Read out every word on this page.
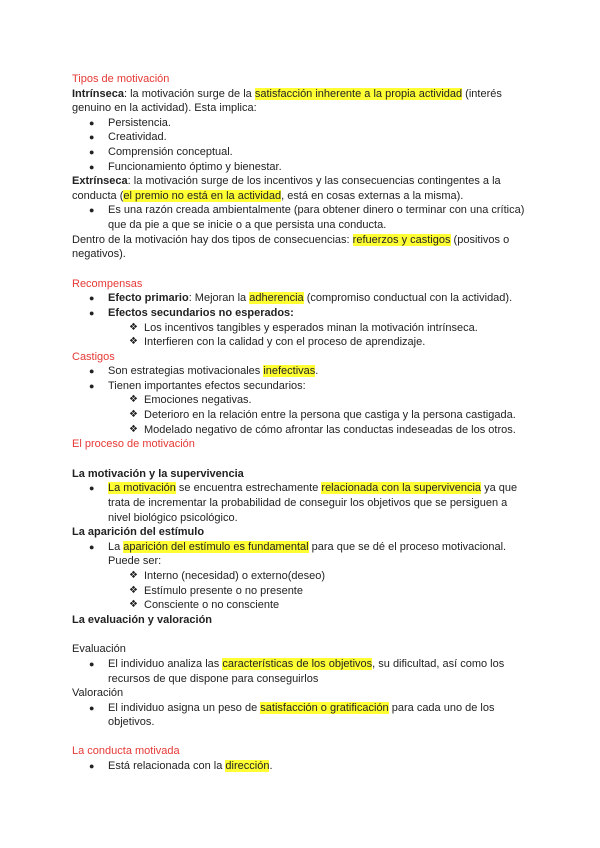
Tipos de motivación

Intrínseca: la motivación surge de la satisfacción inherente a la propia actividad (interés genuino en la actividad). Esta implica:

● Persistencia.
● Creatividad.
● Comprensión conceptual.
● Funcionamiento óptimo y bienestar.

Extrínseca: la motivación surge de los incentivos y las consecuencias contingentes a la conducta (el premio no está en la actividad, está en cosas externas a la misma).

● Es una razón creada ambientalmente (para obtener dinero o terminar con una crítica) que da pie a que se inicie o a que persista una conducta.

Dentro de la motivación hay dos tipos de consecuencias: refuerzos y castigos (positivos o negativos).

Recompensas

● Efecto primario: Mejoran la adherencia (compromiso conductual con la actividad).
● Efectos secundarios no esperados:
❖ Los incentivos tangibles y esperados minan la motivación intrínseca.
❖ Interfieren con la calidad y con el proceso de aprendizaje.

Castigos

● Son estrategias motivacionales inefectivas.
● Tienen importantes efectos secundarios:
❖ Emociones negativas.
❖ Deterioro en la relación entre la persona que castiga y la persona castigada.
❖ Modelado negativo de cómo afrontar las conductas indeseadas de los otros.

El proceso de motivación

La motivación y la supervivencia

● La motivación se encuentra estrechamente relacionada con la supervivencia ya que trata de incrementar la probabilidad de conseguir los objetivos que se persiguen a nivel biológico psicológico.

La aparición del estímulo

● La aparición del estímulo es fundamental para que se dé el proceso motivacional. Puede ser:
❖ Interno (necesidad) o externo(deseo)
❖ Estímulo presente o no presente
❖ Consciente o no consciente

La evaluación y valoración

Evaluación

● El individuo analiza las características de los objetivos, su dificultad, así como los recursos de que dispone para conseguirlos

Valoración

● El individuo asigna un peso de satisfacción o gratificación para cada uno de los objetivos.

La conducta motivada

● Está relacionada con la dirección.
